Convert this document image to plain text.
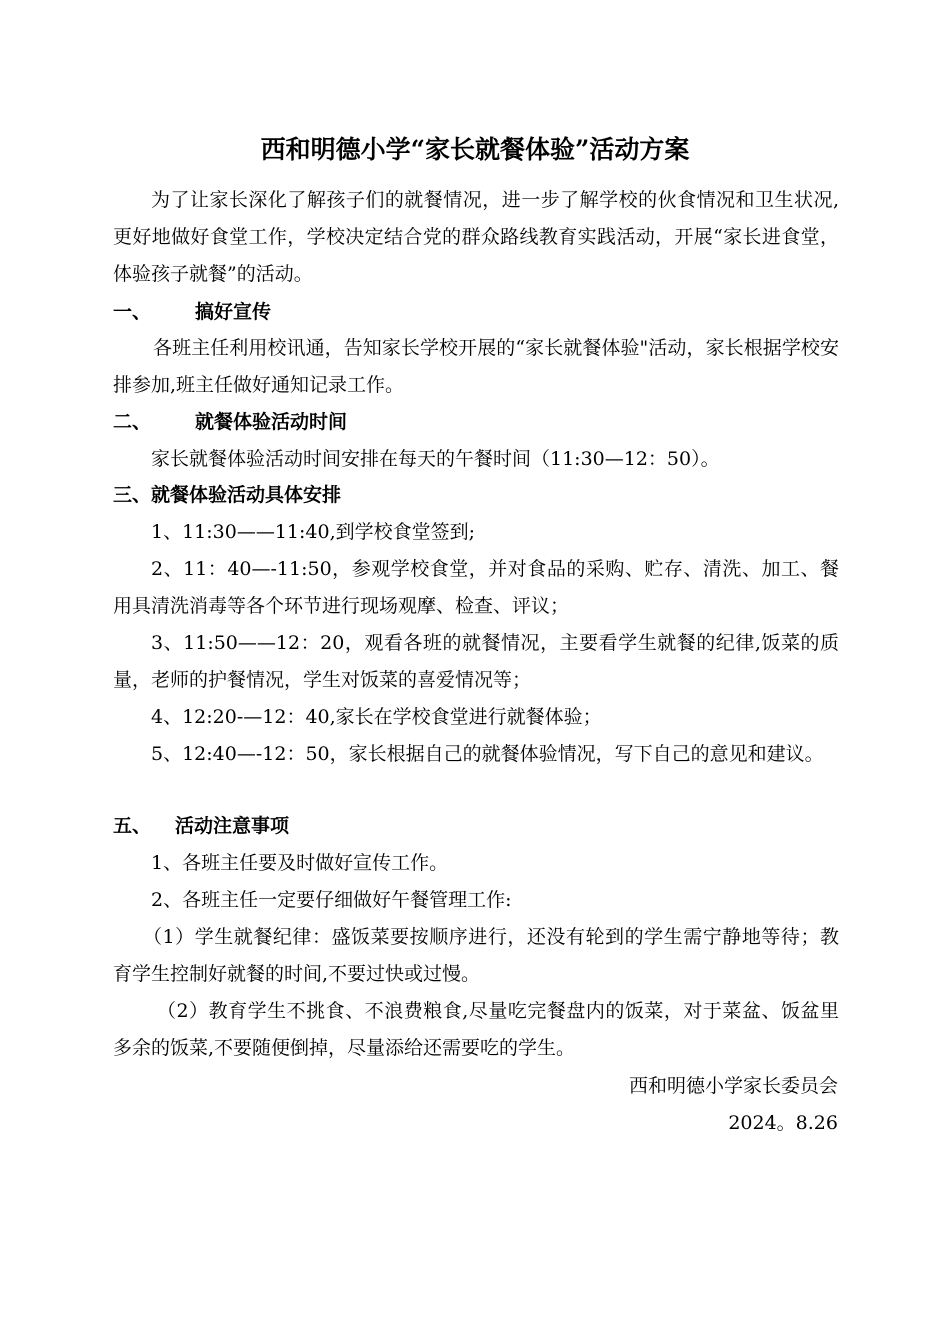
西和明德小学“家长就餐体验”活动方案
为了让家长深化了解孩子们的就餐情况，进一步了解学校的伙食情况和卫生状况,更好地做好食堂工作，学校决定结合党的群众路线教育实践活动，开展“家长进食堂，体验孩子就餐”的活动。
一、 搞好宣传
各班主任利用校讯通，告知家长学校开展的“家长就餐体验"活动，家长根据学校安排参加,班主任做好通知记录工作。
二、 就餐体验活动时间
家长就餐体验活动时间安排在每天的午餐时间（11:30—12：50）。
三、就餐体验活动具体安排
1、11:30——11:40,到学校食堂签到;
2、11：40—-11:50，参观学校食堂，并对食品的采购、贮存、清洗、加工、餐用具清洗消毒等各个环节进行现场观摩、检查、评议；
3、11:50——12：20，观看各班的就餐情况，主要看学生就餐的纪律,饭菜的质量，老师的护餐情况，学生对饭菜的喜爱情况等；
4、12:20-—12：40,家长在学校食堂进行就餐体验；
5、12:40—-12：50，家长根据自己的就餐体验情况，写下自己的意见和建议。
五、 活动注意事项
1、各班主任要及时做好宣传工作。
2、各班主任一定要仔细做好午餐管理工作:
（1）学生就餐纪律：盛饭菜要按顺序进行，还没有轮到的学生需宁静地等待；教育学生控制好就餐的时间,不要过快或过慢。
（2）教育学生不挑食、不浪费粮食,尽量吃完餐盘内的饭菜，对于菜盆、饭盆里多余的饭菜,不要随便倒掉，尽量添给还需要吃的学生。
西和明德小学家长委员会
2024。8.26
